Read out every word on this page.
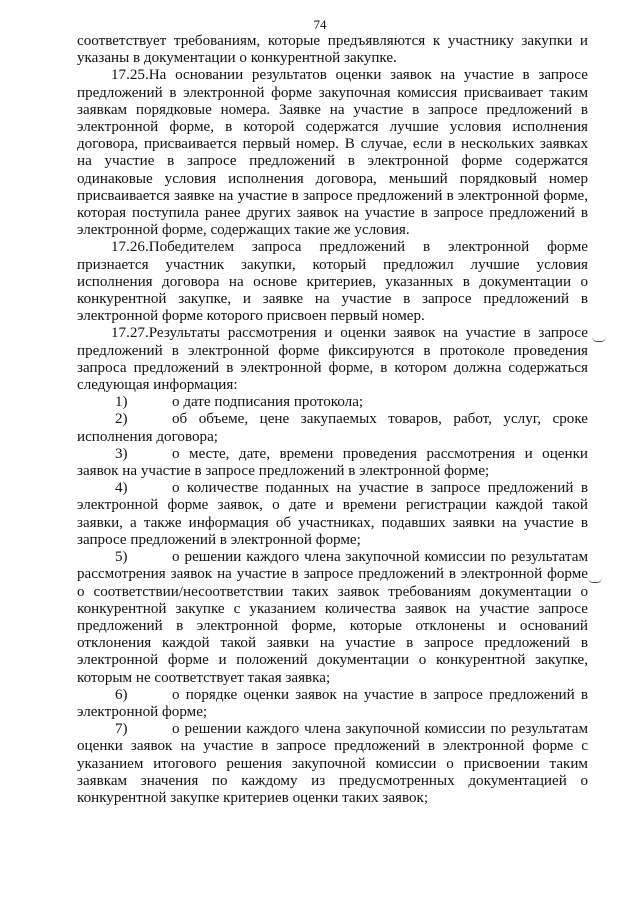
74

соответствует требованиям, которые предъявляются к участнику закупки и указаны в документации о конкурентной закупке.

17.25.На основании результатов оценки заявок на участие в запросе предложений в электронной форме закупочная комиссия присваивает таким заявкам порядковые номера. Заявке на участие в запросе предложений в электронной форме, в которой содержатся лучшие условия исполнения договора, присваивается первый номер. В случае, если в нескольких заявках на участие в запросе предложений в электронной форме содержатся одинаковые условия исполнения договора, меньший порядковый номер присваивается заявке на участие в запросе предложений в электронной форме, которая поступила ранее других заявок на участие в запросе предложений в электронной форме, содержащих такие же условия.

17.26.Победителем запроса предложений в электронной форме признается участник закупки, который предложил лучшие условия исполнения договора на основе критериев, указанных в документации о конкурентной закупке, и заявке на участие в запросе предложений в электронной форме которого присвоен первый номер.

17.27.Результаты рассмотрения и оценки заявок на участие в запросе предложений в электронной форме фиксируются в протоколе проведения запроса предложений в электронной форме, в котором должна содержаться следующая информация:

1)	о дате подписания протокола;

2)	об объеме, цене закупаемых товаров, работ, услуг, сроке исполнения договора;

3)	о месте, дате, времени проведения рассмотрения и оценки заявок на участие в запросе предложений в электронной форме;

4)	о количестве поданных на участие в запросе предложений в электронной форме заявок, о дате и времени регистрации каждой такой заявки, а также информация об участниках, подавших заявки на участие в запросе предложений в электронной форме;

5)	о решении каждого члена закупочной комиссии по результатам рассмотрения заявок на участие в запросе предложений в электронной форме о соответствии/несоответствии таких заявок требованиям документации о конкурентной закупке с указанием количества заявок на участие запросе предложений в электронной форме, которые отклонены и оснований отклонения каждой такой заявки на участие в запросе предложений в электронной форме и положений документации о конкурентной закупке, которым не соответствует такая заявка;

6)	о порядке оценки заявок на участие в запросе предложений в электронной форме;

7)	о решении каждого члена закупочной комиссии по результатам оценки заявок на участие в запросе предложений в электронной форме с указанием итогового решения закупочной комиссии о присвоении таким заявкам значения по каждому из предусмотренных документацией о конкурентной закупке критериев оценки таких заявок;
